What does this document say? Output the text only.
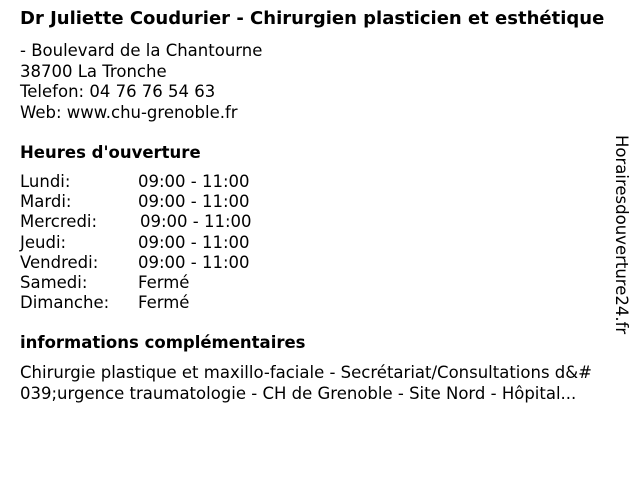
Dr Juliette Coudurier - Chirurgien plasticien et esthétique
- Boulevard de la Chantourne
38700 La Tronche
Telefon: 04 76 76 54 63
Web: www.chu-grenoble.fr
Heures d'ouverture
Lundi:	09:00 - 11:00
Mardi:	09:00 - 11:00
Mercredi:	09:00 - 11:00
Jeudi:	09:00 - 11:00
Vendredi:	09:00 - 11:00
Samedi:	Fermé
Dimanche:	Fermé
informations complémentaires
Chirurgie plastique et maxillo-faciale - Secrétariat/Consultations d&#
039;urgence traumatologie - CH de Grenoble - Site Nord - Hôpital...
Horairesdouverture24.fr
